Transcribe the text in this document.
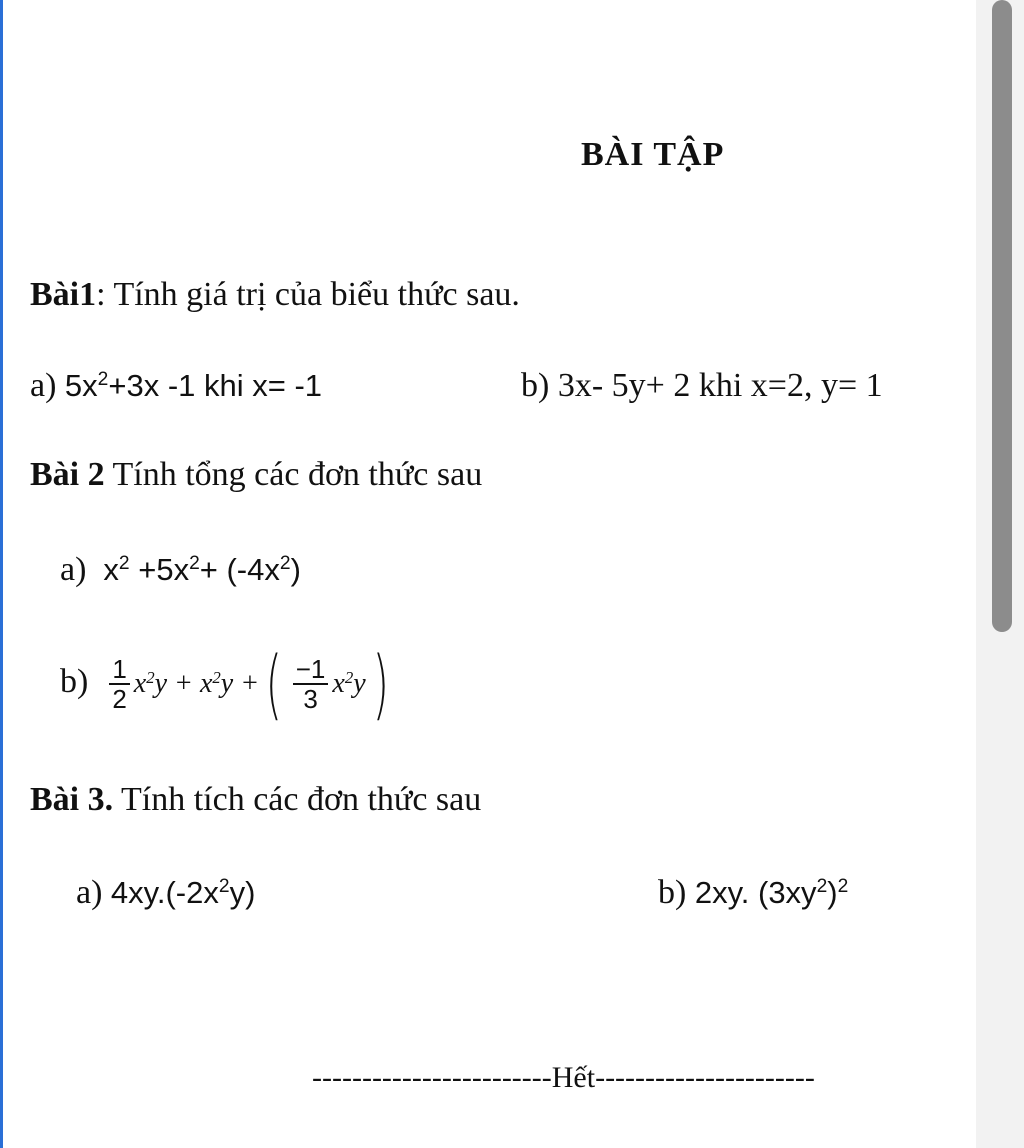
BÀI TẬP
Bài1: Tính giá trị của biểu thức sau.
a) $5x^2+3x$ -1 khi x= -1	b) 3x- 5y+ 2 khi x=2, y= 1
Bài 2 Tính tổng các đơn thức sau
a) $x^2 +5x^2+ (-4x^2)$
$b) \frac{1}{2} x^2y + x^2y$ +( $\frac{-1}{3} x^2y$)
Bài 3. Tính tích các đơn thức sau
a) $4xy.(-2x^2y)$	b) 2xy. $(3xy^2)^2$
------------------------Hết----------------------
